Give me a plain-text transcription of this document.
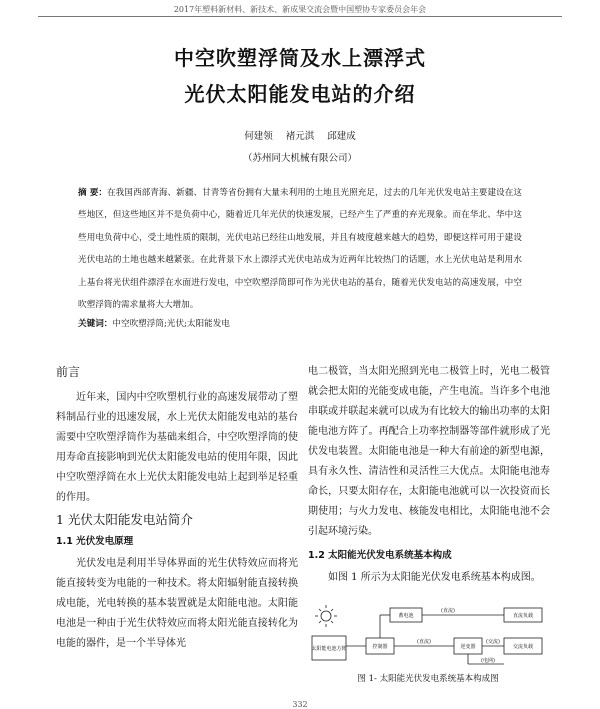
2017年塑料新材料、新技术、新成果交流会暨中国塑协专家委员会年会
中空吹塑浮筒及水上漂浮式
光伏太阳能发电站的介绍
何建领 褚元淇 邱建成
（苏州同大机械有限公司）
摘 要：在我国西部青海、新疆、甘青等省份拥有大量未利用的土地且光照充足，过去的几年光伏发电站主要建设在这些地区，但这些地区并不是负荷中心，随着近几年光伏的快速发展，已经产生了严重的弃光现象。而在华北、华中这些用电负荷中心，受土地性质的限制，光伏电站已经往山地发展，并且有坡度越来越大的趋势，即便这样可用于建设光伏电站的土地也越来越紧张。在此背景下水上漂浮式光伏电站成为近两年比较热门的话题，水上光伏电站是利用水上基台将光伏组件漂浮在水面进行发电，中空吹塑浮筒即可作为光伏电站的基台，随着光伏发电站的高速发展，中空吹塑浮筒的需求量将大大增加。
关键词：中空吹塑浮筒;光伏;太阳能发电
前言

近年来，国内中空吹塑机行业的高速发展带动了塑料制品行业的迅速发展，水上光伏太阳能发电站的基台需要中空吹塑浮筒作为基础来组合，中空吹塑浮筒的使用寿命直接影响到光伏太阳能发电站的使用年限，因此中空吹塑浮筒在水上光伏太阳能发电站上起到举足轻重的作用。

1 光伏太阳能发电站简介
1.1 光伏发电原理

光伏发电是利用半导体界面的光生伏特效应而将光能直接转变为电能的一种技术。将太阳辐射能直接转换成电能，光电转换的基本装置就是太阳能电池。太阳能电池是一种由于光生伏特效应而将太阳光能直接转化为电能的器件，是一个半导体光

电二极管，当太阳光照到光电二极管上时，光电二极管就会把太阳的光能变成电能，产生电流。当许多个电池串联或并联起来就可以成为有比较大的输出功率的太阳能电池方阵了。再配合上功率控制器等部件就形成了光伏发电装置。太阳能电池是一种大有前途的新型电源，具有永久性、清洁性和灵活性三大优点。太阳能电池寿命长，只要太阳存在，太阳能电池就可以一次投资而长期使用；与火力发电、核能发电相比，太阳能电池不会引起环境污染。

1.2 太阳能光伏发电系统基本构成

如图 1 所示为太阳能光伏发电系统基本构成图。

太阳能电池方阵
蓄电池
控制器
直流负载
逆变器	交流负载
(直流)
(直流)	(交流)
(电网)
图 1- 太阳能光伏发电系统基本构成图
332
